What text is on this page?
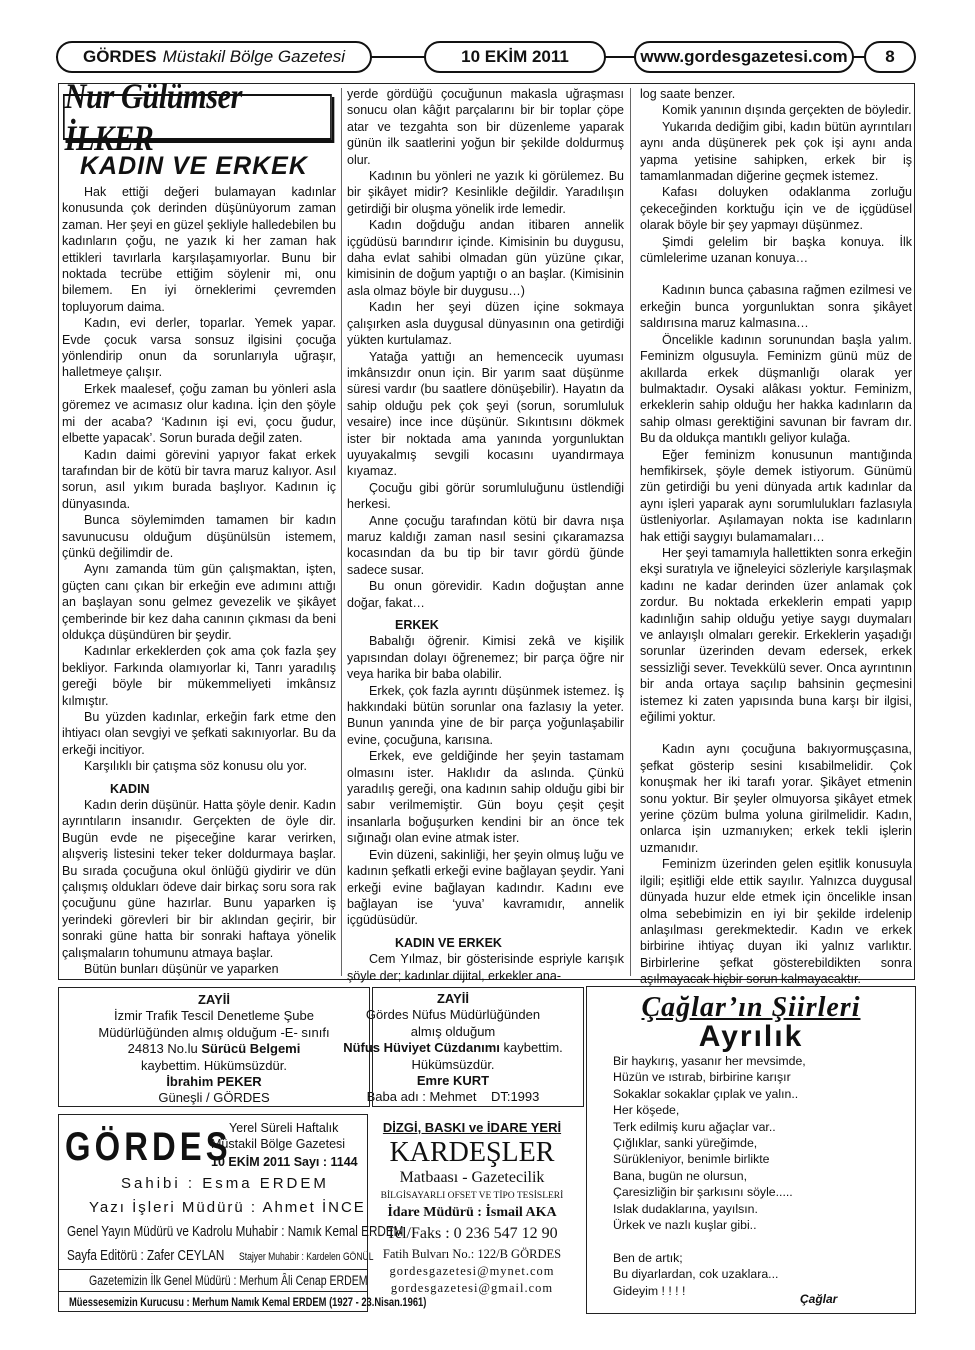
GÖRDES Müstakil Bölge Gazetesi	10 EKİM 2011	www.gordesgazetesi.com 8
Nur Gülümser İLKER
KADIN VE ERKEK

Hak ettiği değeri bulamayan kadınlar konusunda çok derinden düşünüyorum zaman zaman. Her şeyi en güzel şekliyle halledebilen bu kadınların çoğu, ne yazık ki her zaman hak ettikleri tavırlarla karşılaşamıyorlar. Bunu bir noktada tecrübe ettiğim söylenir mi, onu bilemem. En iyi örneklerimi çevremden topluyorum daima.

Kadın, evi derler, toparlar. Yemek yapar. Evde çocuk varsa sonsuz ilgisini çocuğa yönlendirip onun da sorunlarıyla uğraşır, halletmeye çalışır.

Erkek maalesef, çoğu zaman bu yönleri asla göremez ve acımasız olur kadına. İçin den şöyle mi der acaba? ‘Kadının işi evi, çocu ğudur, elbette yapacak’. Sorun burada değil zaten.

Kadın daimi görevini yapıyor fakat erkek tarafından bir de kötü bir tavra maruz kalıyor. Asıl sorun, asıl yıkım burada başlıyor. Kadının iç dünyasında.

Bunca söylemimden tamamen bir kadın savunucusu olduğum düşünülsün istemem, çünkü değilimdir de.

Aynı zamanda tüm gün çalışmaktan, işten, güçten canı çıkan bir erkeğin eve adımını attığı an başlayan sonu gelmez gevezelik ve şikâyet çemberinde bir kez daha canının çıkması da beni oldukça düşündüren bir şeydir.

Kadınlar erkeklerden çok ama çok fazla şey bekliyor. Farkında olamıyorlar ki, Tanrı yaradılış gereği böyle bir mükemmeliyeti imkânsız kılmıştır.

Bu yüzden kadınlar, erkeğin fark etme den ihtiyacı olan sevgiyi ve şefkati sakınıyorlar. Bu da erkeği incitiyor.

Karşılıklı bir çatışma söz konusu olu yor.

KADIN

Kadın derin düşünür. Hatta şöyle denir. Kadın ayrıntıların insanıdır. Gerçekten de öyle dir. Bugün evde ne pişeceğine karar verirken, alışveriş listesini teker teker doldurmaya başlar. Bu sırada çocuğuna okul önlüğü giydirir ve dün çalışmış oldukları ödeve dair birkaç soru sora rak çocuğunu güne hazırlar. Bunu yaparken iş yerindeki görevleri bir bir aklından geçirir, bir sonraki güne hatta bir sonraki haftaya yönelik çalışmaların tohumunu atmaya başlar.

Bütün bunları düşünür ve yaparken

yerde gördüğü çocuğunun makasla uğraşması sonucu olan kâğıt parçalarını bir bir toplar çöpe atar ve tezgahta son bir düzenleme yaparak günün ilk saatlerini yoğun bir şekilde doldurmuş olur.

Kadının bu yönleri ne yazık ki görülemez. Bu bir şikâyet midir? Kesinlikle değildir. Yaradılışın getirdiği bir oluşma yönelik irde lemedir.

Kadın doğduğu andan itibaren annelik içgüdüsü barındırır içinde. Kimisinin bu duygusu, daha evlat sahibi olmadan gün yüzüne çıkar, kimisinin de doğum yaptığı o an başlar. (Kimisinin asla olmaz böyle bir duygusu…)

Kadın her şeyi düzen içine sokmaya çalışırken asla duygusal dünyasının ona getirdiği yükten kurtulamaz.

Yatağa yattığı an hemencecik uyuması imkânsızdır onun için. Bir yarım saat düşünme süresi vardır (bu saatlere dönüşebilir). Hayatın da sahip olduğu pek çok şeyi (sorun, sorumluluk vesaire) ince ince düşünür. Sıkıntısını dökmek ister bir noktada ama yanında yorgunluktan uyuyakalmış sevgili kocasını uyandırmaya kıyamaz.

Çocuğu gibi görür sorumluluğunu üstlendiği herkesi.

Anne çocuğu tarafından kötü bir davra nışa maruz kaldığı zaman nasıl sesini çıkaramazsa kocasından da bu tip bir tavır gördü ğünde sadece susar.

Bu onun görevidir. Kadın doğuştan anne doğar, fakat…

ERKEK

Babalığı öğrenir. Kimisi zekâ ve kişilik yapısından dolayı öğrenemez; bir parça öğre nir veya harika bir baba olabilir.

Erkek, çok fazla ayrıntı düşünmek istemez. İş hakkındaki bütün sorunlar ona fazlasıy la yeter. Bunun yanında yine de bir parça yoğunlaşabilir evine, çocuğuna, karısına.

Erkek, eve geldiğinde her şeyin tastamam olmasını ister. Haklıdır da aslında. Çünkü yaradılış gereği, ona kadının sahip olduğu gibi bir sabır verilmemiştir. Gün boyu çeşit çeşit insanlarla boğuşurken kendini bir an önce tek sığınağı olan evine atmak ister.

Evin düzeni, sakinliği, her şeyin olmuş luğu ve kadının şefkatli erkeği evine bağlayan şeydir. Yani erkeği evine bağlayan kadındır. Kadını eve bağlayan ise ‘yuva’ kavramıdır, annelik içgüdüsüdür.

KADIN VE ERKEK

Cem Yılmaz, bir gösterisinde espriyle karışık şöyle der; kadınlar dijital, erkekler ana-

log saate benzer.

Komik yanının dışında gerçekten de böyledir.

Yukarıda dediğim gibi, kadın bütün ayrıntıları aynı anda düşünerek pek çok işi aynı anda yapma yetisine sahipken, erkek bir iş tamamlanmadan diğerine geçmek istemez.

Kafası doluyken odaklanma zorluğu çekeceğinden korktuğu için ve de içgüdüsel olarak böyle bir şey yapmayı düşünmez.

Şimdi gelelim bir başka konuya. İlk cümlelerime uzanan konuya…

Kadının bunca çabasına rağmen ezilmesi ve erkeğin bunca yorgunluktan sonra şikâyet saldırısına maruz kalmasına…

Öncelikle kadının sorunundan başla yalım. Feminizm olgusuyla. Feminizm günü müz de akıllarda erkek düşmanlığı olarak yer bulmaktadır. Oysaki alâkası yoktur. Feminizm, erkeklerin sahip olduğu her hakka kadınların da sahip olması gerektiğini savunan bir favram dır. Bu da oldukça mantıklı geliyor kulağa.

Eğer feminizm konusunun mantığında hemfikirsek, şöyle demek istiyorum. Günümü zün getirdiği bu yeni dünyada artık kadınlar da aynı işleri yaparak aynı sorumlulukları fazlasıyla üstleniyorlar. Aşılamayan nokta ise kadınların hak ettiği saygıyı bulamamaları…

Her şeyi tamamıyla hallettikten sonra erkeğin ekşi suratıyla ve iğneleyici sözleriyle karşılaşmak kadını ne kadar derinden üzer anlamak çok zordur. Bu noktada erkeklerin empati yapıp kadınlığın sahip olduğu yetiye saygı duymaları ve anlayışlı olmaları gerekir. Erkeklerin yaşadığı sorunlar üzerinden devam edersek, erkek sessizliği sever. Tevekkülü sever. Onca ayrıntının bir anda ortaya saçılıp bahsinin geçmesini istemez ki zaten yapısında buna karşı bir ilgisi, eğilimi yoktur.

Kadın aynı çocuğuna bakıyormuşçasına, şefkat gösterip sesini kısabilmelidir. Çok konuşmak her iki tarafı yorar. Şikâyet etmenin sonu yoktur. Bir şeyler olmuyorsa şikâyet etmek yerine çözüm bulma yoluna girilmelidir. Kadın, onlarca işin uzmanıyken; erkek tekli işlerin uzmanıdır.

Feminizm üzerinden gelen eşitlik konusuyla ilgili; eşitliği elde ettik sayılır. Yalnızca duygusal dünyada huzur elde etmek için öncelikle insan olma sebebimizin en iyi bir şekilde irdelenip anlaşılması gerekmektedir. Kadın ve erkek birbirine ihtiyaç duyan iki yalnız varlıktır. Birbirlerine şefkat gösterebildikten sonra aşılmayacak hiçbir sorun kalmayacaktır.

ZAYİİ
İzmir Trafik Tescil Denetleme Şube
Müdürlüğünden almış olduğum -E- sınıfı
24813 No.lu Sürücü Belgemi
kaybettim. Hükümsüzdür.
İbrahim PEKER
Güneşli / GÖRDES
ZAYİİ
Gördes Nüfus Müdürlüğünden
almış olduğum
Nüfus Hüviyet Cüzdanımı kaybettim.
Hükümsüzdür.
Emre KURT
Baba adı : Mehmet DT:1993
Çağlar’ın Şiirleri
Ayrılık
Bir haykırış, yasanır her mevsimde,
Hüzün ve ıstırab, birbirine karışır
Sokaklar sokaklar çıplak ve yalın..
Her köşede,
Terk edilmiş kuru ağaçlar var..
Çığlıklar, sanki yüreğimde,
Sürükleniyor, benimle birlikte
Bana, bugün ne olursun,
Çaresizliğin bir şarkısını söyle.....
Islak dudaklarına, yayılsın.
Ürkek ve nazlı kuşlar gibi..

Ben de artık;
Bu diyarlardan, cok uzaklara...
Gideyim ! ! ! !
Çağlar
GÖRDES
Yerel Süreli Haftalık
Müstakil Bölge Gazetesi
10 EKİM 2011 Sayı : 1144
Sahibi : Esma ERDEM
Yazı İşleri Müdürü : Ahmet İNCE
Genel Yayın Müdürü ve Kadrolu Muhabir : Namık Kemal ERDEM
Sayfa Editörü : Zafer CEYLAN Stajyer Muhabir : Kardelen GÖNÜL
Gazetemizin İlk Genel Müdürü : Merhum Âli Cenap ERDEM
Müessesemizin Kurucusu : Merhum Namık Kemal ERDEM (1927 - 23.Nisan.1961)
DİZGİ, BASKI ve İDARE YERİ
KARDEŞLER
Matbaası - Gazetecilik
BİLGİSAYARLI OFSET VE TİPO TESİSLERİ
İdare Müdürü : İsmail AKA
Tel/Faks : 0 236 547 12 90
Fatih Bulvarı No.: 122/B GÖRDES
gordesgazetesi@mynet.com
gordesgazetesi@gmail.com
